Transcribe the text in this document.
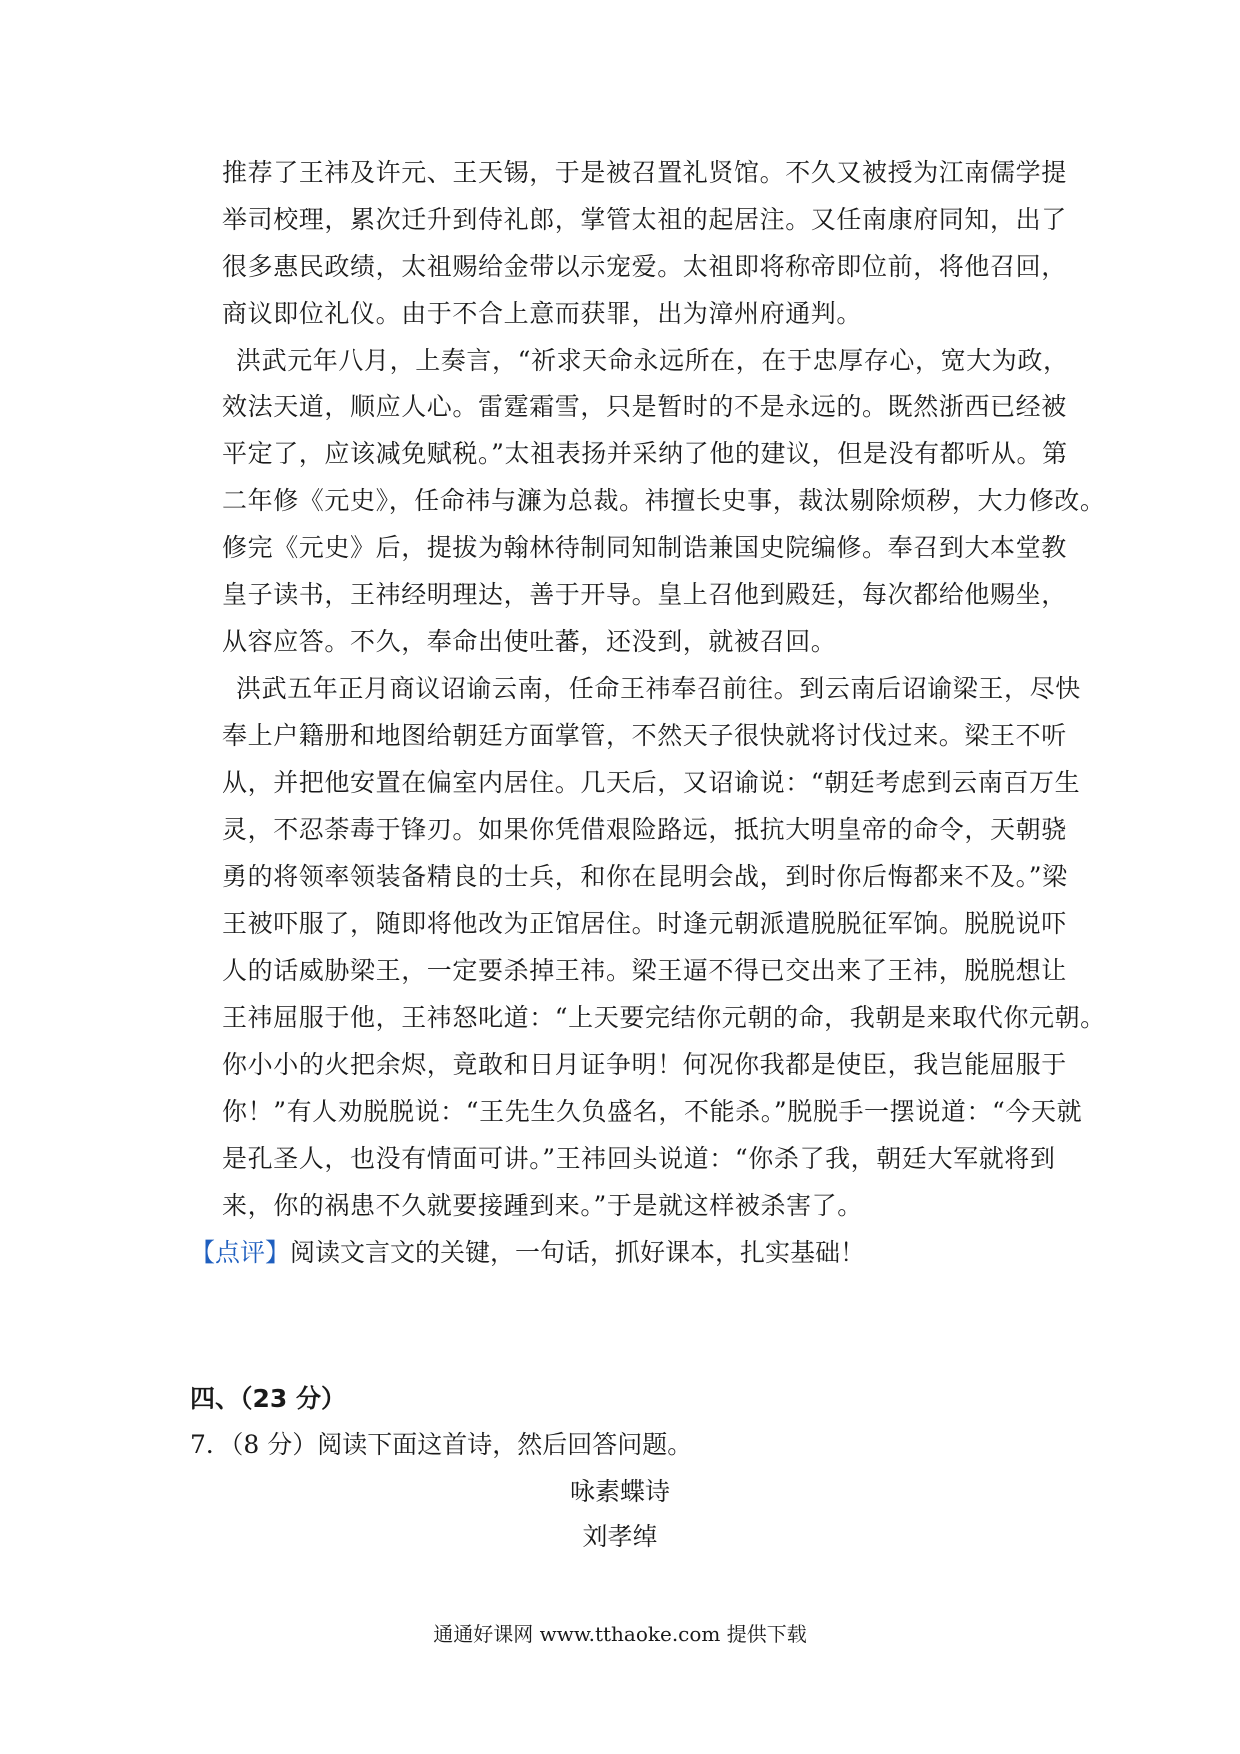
推荐了王祎及许元、王天锡，于是被召置礼贤馆。不久又被授为江南儒学提
举司校理，累次迁升到侍礼郎，掌管太祖的起居注。又任南康府同知，出了
很多惠民政绩，太祖赐给金带以示宠爱。太祖即将称帝即位前，将他召回，
商议即位礼仪。由于不合上意而获罪，出为漳州府通判。
洪武元年八月，上奏言，“祈求天命永远所在，在于忠厚存心，宽大为政，
效法天道，顺应人心。雷霆霜雪，只是暂时的不是永远的。既然浙西已经被
平定了，应该减免赋税。”太祖表扬并采纳了他的建议，但是没有都听从。第
二年修《元史》，任命祎与濂为总裁。祎擅长史事，裁汰剔除烦秽，大力修改。
修完《元史》后，提拔为翰林待制同知制诰兼国史院编修。奉召到大本堂教
皇子读书，王祎经明理达，善于开导。皇上召他到殿廷，每次都给他赐坐，
从容应答。不久，奉命出使吐蕃，还没到，就被召回。
洪武五年正月商议诏谕云南，任命王祎奉召前往。到云南后诏谕梁王，尽快
奉上户籍册和地图给朝廷方面掌管，不然天子很快就将讨伐过来。梁王不听
从，并把他安置在偏室内居住。几天后，又诏谕说：“朝廷考虑到云南百万生
灵，不忍荼毒于锋刃。如果你凭借艰险路远，抵抗大明皇帝的命令，天朝骁
勇的将领率领装备精良的士兵，和你在昆明会战，到时你后悔都来不及。”梁
王被吓服了，随即将他改为正馆居住。时逢元朝派遣脱脱征军饷。脱脱说吓
人的话威胁梁王，一定要杀掉王祎。梁王逼不得已交出来了王祎，脱脱想让
王祎屈服于他，王祎怒叱道：“上天要完结你元朝的命，我朝是来取代你元朝。
你小小的火把余烬，竟敢和日月证争明！何况你我都是使臣，我岂能屈服于
你！”有人劝脱脱说：“王先生久负盛名，不能杀。”脱脱手一摆说道：“今天就
是孔圣人，也没有情面可讲。”王祎回头说道：“你杀了我，朝廷大军就将到
来，你的祸患不久就要接踵到来。”于是就这样被杀害了。
【点评】阅读文言文的关键，一句话，抓好课本，扎实基础！
四、（23 分）
7．（8 分）阅读下面这首诗，然后回答问题。
咏素蝶诗
刘孝绰
通通好课网 www.tthaoke.com 提供下载
